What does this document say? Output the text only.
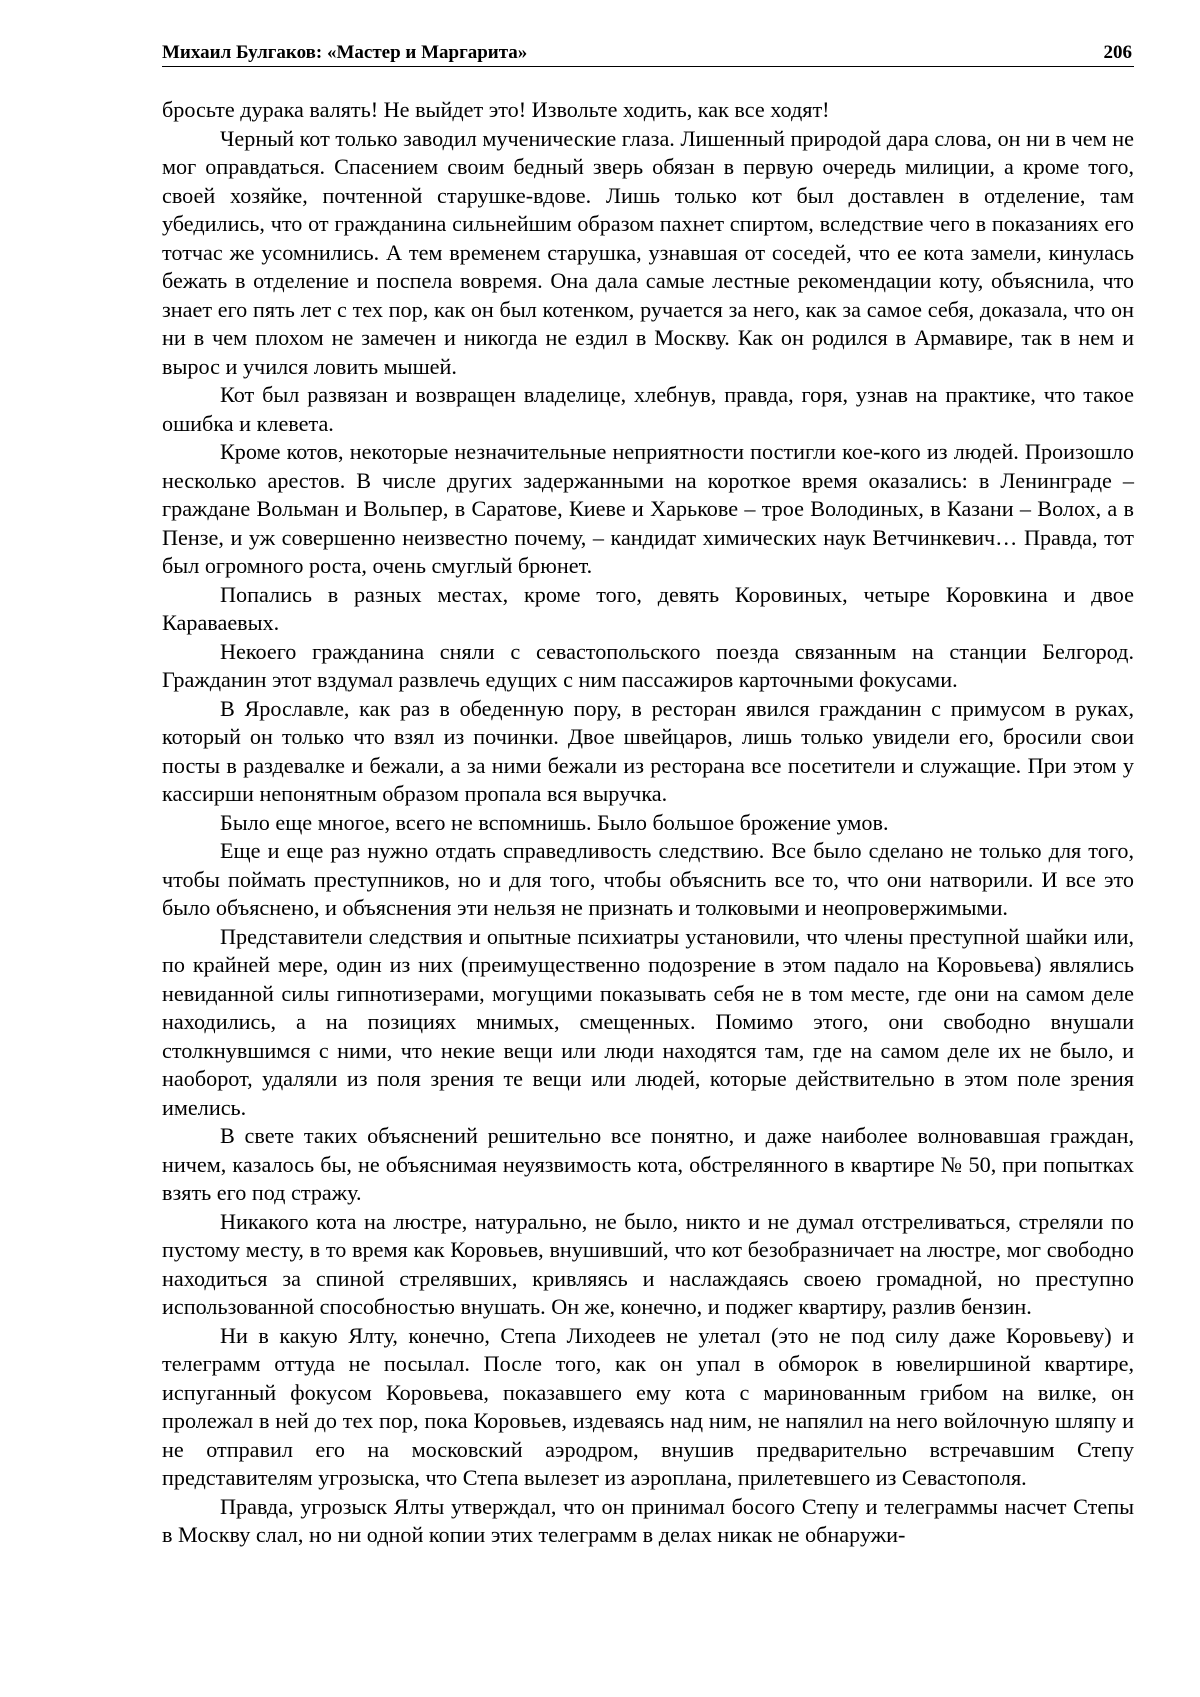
Михаил Булгаков: «Мастер и Маргарита»	206

бросьте дурака валять! Не выйдет это! Извольте ходить, как все ходят!

Черный кот только заводил мученические глаза. Лишенный природой дара слова, он ни в чем не мог оправдаться. Спасением своим бедный зверь обязан в первую очередь милиции, а кроме того, своей хозяйке, почтенной старушке-вдове. Лишь только кот был доставлен в отделение, там убедились, что от гражданина сильнейшим образом пахнет спиртом, вследствие чего в показаниях его тотчас же усомнились. А тем временем старушка, узнавшая от соседей, что ее кота замели, кинулась бежать в отделение и поспела вовремя. Она дала самые лестные рекомендации коту, объяснила, что знает его пять лет с тех пор, как он был котенком, ручается за него, как за самое себя, доказала, что он ни в чем плохом не замечен и никогда не ездил в Москву. Как он родился в Армавире, так в нем и вырос и учился ловить мышей.

Кот был развязан и возвращен владелице, хлебнув, правда, горя, узнав на практике, что такое ошибка и клевета.

Кроме котов, некоторые незначительные неприятности постигли кое-кого из людей. Произошло несколько арестов. В числе других задержанными на короткое время оказались: в Ленинграде – граждане Вольман и Вольпер, в Саратове, Киеве и Харькове – трое Володиных, в Казани – Волох, а в Пензе, и уж совершенно неизвестно почему, – кандидат химических наук Ветчинкевич… Правда, тот был огромного роста, очень смуглый брюнет.

Попались в разных местах, кроме того, девять Коровиных, четыре Коровкина и двое Караваевых.

Некоего гражданина сняли с севастопольского поезда связанным на станции Белгород. Гражданин этот вздумал развлечь едущих с ним пассажиров карточными фокусами.

В Ярославле, как раз в обеденную пору, в ресторан явился гражданин с примусом в руках, который он только что взял из починки. Двое швейцаров, лишь только увидели его, бросили свои посты в раздевалке и бежали, а за ними бежали из ресторана все посетители и служащие. При этом у кассирши непонятным образом пропала вся выручка.

Было еще многое, всего не вспомнишь. Было большое брожение умов.

Еще и еще раз нужно отдать справедливость следствию. Все было сделано не только для того, чтобы поймать преступников, но и для того, чтобы объяснить все то, что они натворили. И все это было объяснено, и объяснения эти нельзя не признать и толковыми и неопровержимыми.

Представители следствия и опытные психиатры установили, что члены преступной шайки или, по крайней мере, один из них (преимущественно подозрение в этом падало на Коровьева) являлись невиданной силы гипнотизерами, могущими показывать себя не в том месте, где они на самом деле находились, а на позициях мнимых, смещенных. Помимо этого, они свободно внушали столкнувшимся с ними, что некие вещи или люди находятся там, где на самом деле их не было, и наоборот, удаляли из поля зрения те вещи или людей, которые действительно в этом поле зрения имелись.

В свете таких объяснений решительно все понятно, и даже наиболее волновавшая граждан, ничем, казалось бы, не объяснимая неуязвимость кота, обстрелянного в квартире № 50, при попытках взять его под стражу.

Никакого кота на люстре, натурально, не было, никто и не думал отстреливаться, стреляли по пустому месту, в то время как Коровьев, внушивший, что кот безобразничает на люстре, мог свободно находиться за спиной стрелявших, кривляясь и наслаждаясь своею громадной, но преступно использованной способностью внушать. Он же, конечно, и поджег квартиру, разлив бензин.

Ни в какую Ялту, конечно, Степа Лиходеев не улетал (это не под силу даже Коровьеву) и телеграмм оттуда не посылал. После того, как он упал в обморок в ювелиршиной квартире, испуганный фокусом Коровьева, показавшего ему кота с маринованным грибом на вилке, он пролежал в ней до тех пор, пока Коровьев, издеваясь над ним, не напялил на него войлочную шляпу и не отправил его на московский аэродром, внушив предварительно встречавшим Степу представителям угрозыска, что Степа вылезет из аэроплана, прилетевшего из Севастополя.

Правда, угрозыск Ялты утверждал, что он принимал босого Степу и телеграммы насчет Степы в Москву слал, но ни одной копии этих телеграмм в делах никак не обнаружи-
